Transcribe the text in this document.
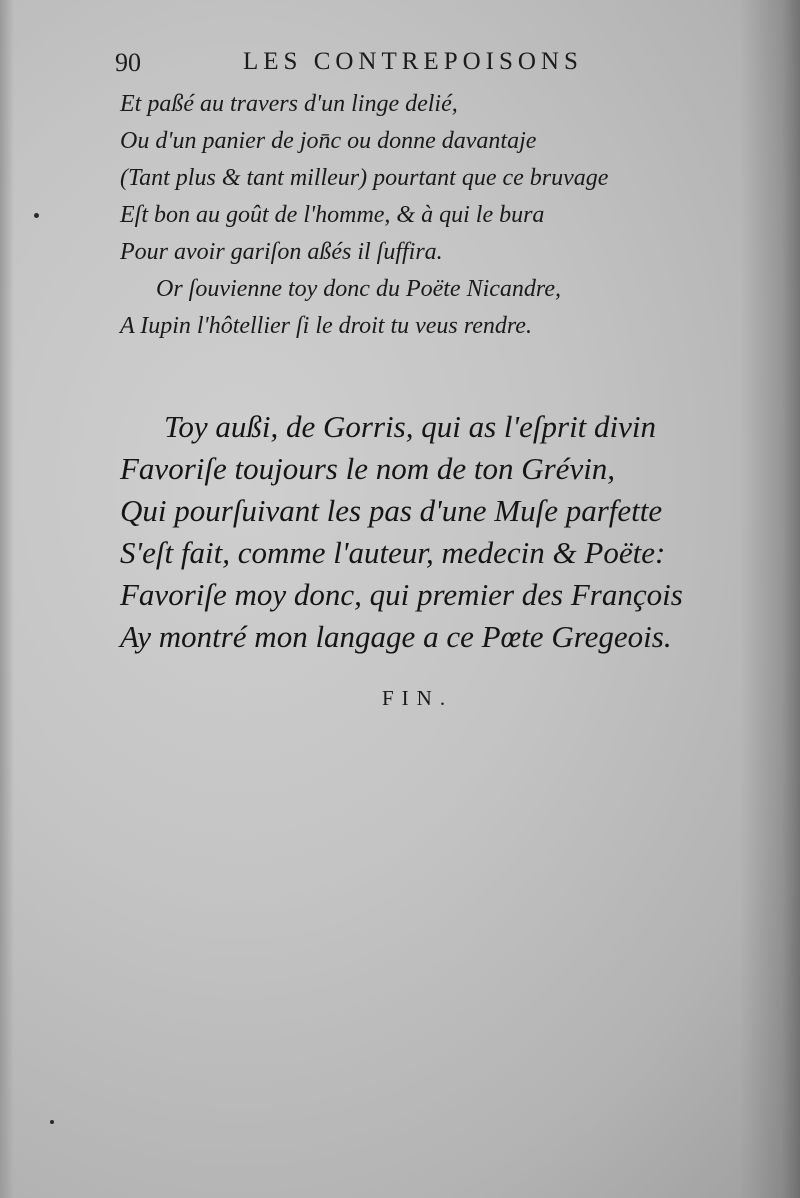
90	LES CONTREPOISONS
Et paßé au travers d'un linge delié,
Ou d'un panier de jon̄c ou donne davantaje
(Tant plus & tant milleur) pourtant que ce bruvage
Eſt bon au goût de l'homme, & à qui le bura
Pour avoir gariſon aßés il ſuffira.
Or ſouvienne toy donc du Poëte Nicandre,
A Iupin l'hôtellier ſi le droit tu veus rendre.
Toy außi, de Gorris, qui as l'eſprit divin
Favoriſe toujours le nom de ton Grévin,
Qui pourſuivant les pas d'une Muſe parfette
S'eſt fait, comme l'auteur, medecin & Poëte:
Favoriſe moy donc, qui premier des François
Ay montré mon langage a ce Pœte Gregeois.
FIN.
